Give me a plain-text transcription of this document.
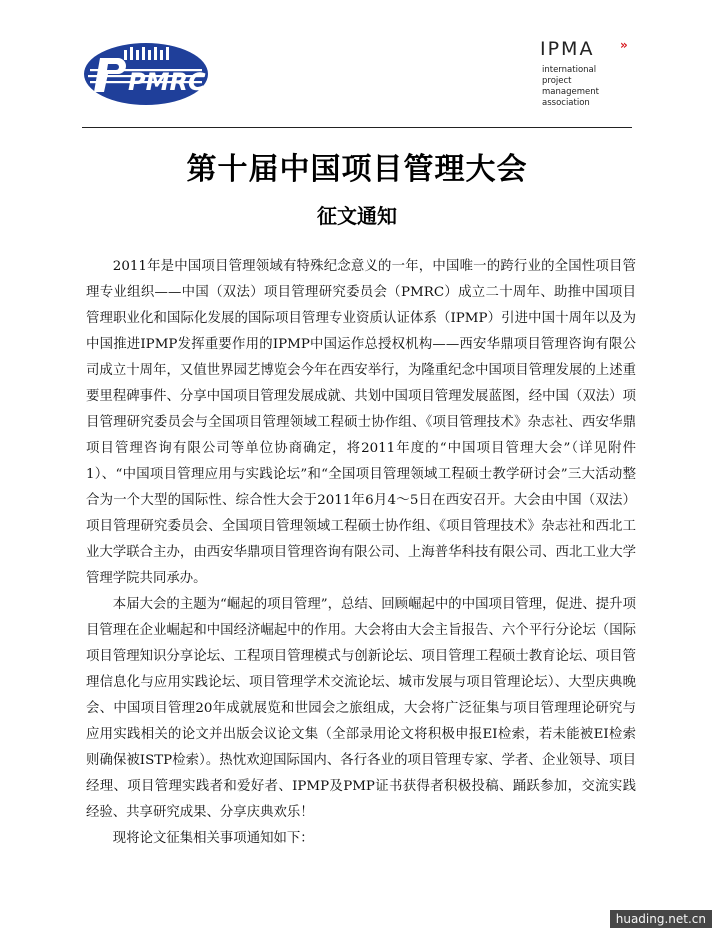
PMRC
IPMA »
international
project
management
association
第十届中国项目管理大会
征文通知

2011年是中国项目管理领域有特殊纪念意义的一年，中国唯一的跨行业的全国性项目管理专业组织——中国（双法）项目管理研究委员会（PMRC）成立二十周年、助推中国项目管理职业化和国际化发展的国际项目管理专业资质认证体系（IPMP）引进中国十周年以及为中国推进IPMP发挥重要作用的IPMP中国运作总授权机构——西安华鼎项目管理咨询有限公司成立十周年，又值世界园艺博览会今年在西安举行，为隆重纪念中国项目管理发展的上述重要里程碑事件、分享中国项目管理发展成就、共划中国项目管理发展蓝图，经中国（双法）项目管理研究委员会与全国项目管理领域工程硕士协作组、《项目管理技术》杂志社、西安华鼎项目管理咨询有限公司等单位协商确定，将2011年度的“中国项目管理大会”（详见附件1）、“中国项目管理应用与实践论坛”和“全国项目管理领域工程硕士教学研讨会”三大活动整合为一个大型的国际性、综合性大会于2011年6月4～5日在西安召开。大会由中国（双法）项目管理研究委员会、全国项目管理领域工程硕士协作组、《项目管理技术》杂志社和西北工业大学联合主办，由西安华鼎项目管理咨询有限公司、上海普华科技有限公司、西北工业大学管理学院共同承办。

本届大会的主题为“崛起的项目管理”，总结、回顾崛起中的中国项目管理，促进、提升项目管理在企业崛起和中国经济崛起中的作用。大会将由大会主旨报告、六个平行分论坛（国际项目管理知识分享论坛、工程项目管理模式与创新论坛、项目管理工程硕士教育论坛、项目管理信息化与应用实践论坛、项目管理学术交流论坛、城市发展与项目管理论坛）、大型庆典晚会、中国项目管理20年成就展览和世园会之旅组成，大会将广泛征集与项目管理理论研究与应用实践相关的论文并出版会议论文集（全部录用论文将积极申报EI检索，若未能被EI检索则确保被ISTP检索）。热忱欢迎国际国内、各行各业的项目管理专家、学者、企业领导、项目经理、项目管理实践者和爱好者、IPMP及PMP证书获得者积极投稿、踊跃参加，交流实践经验、共享研究成果、分享庆典欢乐！

现将论文征集相关事项通知如下：

huading.net.cn
